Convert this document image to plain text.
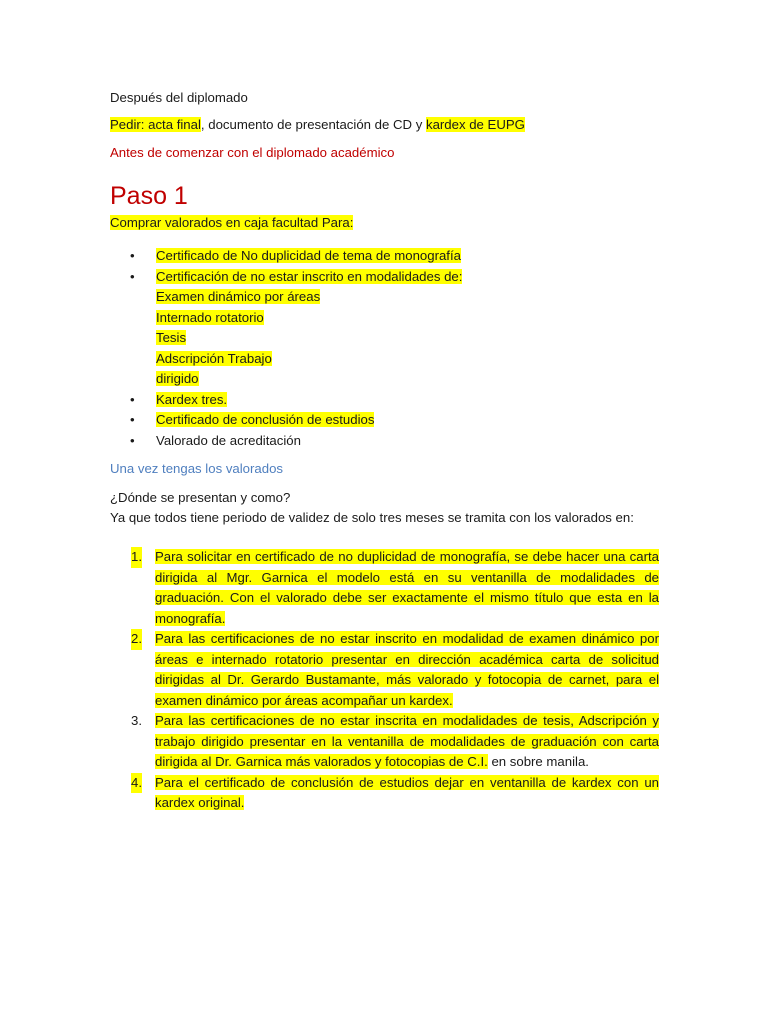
Después del diplomado
Pedir: acta final, documento de presentación de CD y kardex de EUPG
Antes de comenzar con el diplomado académico
Paso 1
Comprar valorados en caja facultad Para:
• Certificado de No duplicidad de tema de monografía
• Certificación de no estar inscrito en modalidades de:
Examen dinámico por áreas
Internado rotatorio
Tesis
Adscripción Trabajo
dirigido
• Kardex tres.
• Certificado de conclusión de estudios
• Valorado de acreditación
Una vez tengas los valorados
¿Dónde se presentan y como?
Ya que todos tiene periodo de validez de solo tres meses se tramita con los valorados en:
1. Para solicitar en certificado de no duplicidad de monografía, se debe hacer una carta dirigida al Mgr. Garnica el modelo está en su ventanilla de modalidades de graduación. Con el valorado debe ser exactamente el mismo título que esta en la monografía.
2. Para las certificaciones de no estar inscrito en modalidad de examen dinámico por áreas e internado rotatorio presentar en dirección académica carta de solicitud dirigidas al Dr. Gerardo Bustamante, más valorado y fotocopia de carnet, para el examen dinámico por áreas acompañar un kardex.
3. Para las certificaciones de no estar inscrita en modalidades de tesis, Adscripción y trabajo dirigido presentar en la ventanilla de modalidades de graduación con carta dirigida al Dr. Garnica más valorados y fotocopias de C.I. en sobre manila.
4. Para el certificado de conclusión de estudios dejar en ventanilla de kardex con un kardex original.
